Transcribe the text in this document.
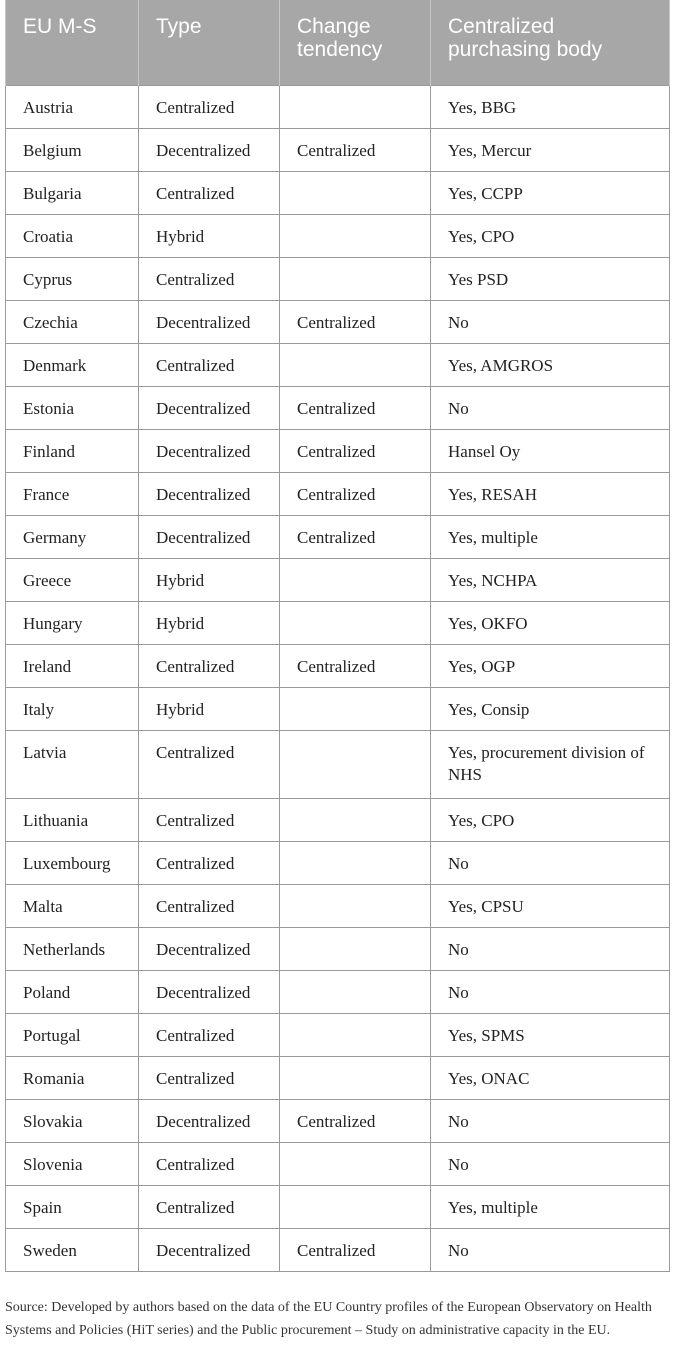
EU M-S	Type	Change tendency	Centralized purchasing body
Austria	Centralized		Yes, BBG
Belgium	Decentralized	Centralized	Yes, Mercur
Bulgaria	Centralized		Yes, CCPP
Croatia	Hybrid		Yes, CPO
Cyprus	Centralized		Yes PSD
Czechia	Decentralized	Centralized	No
Denmark	Centralized		Yes, AMGROS
Estonia	Decentralized	Centralized	No
Finland	Decentralized	Centralized	Hansel Oy
France	Decentralized	Centralized	Yes, RESAH
Germany	Decentralized	Centralized	Yes, multiple
Greece	Hybrid		Yes, NCHPA
Hungary	Hybrid		Yes, OKFO
Ireland	Centralized	Centralized	Yes, OGP
Italy	Hybrid		Yes, Consip
Latvia	Centralized		Yes, procurement division of NHS
Lithuania	Centralized		Yes, CPO
Luxembourg	Centralized		No
Malta	Centralized		Yes, CPSU
Netherlands	Decentralized		No
Poland	Decentralized		No
Portugal	Centralized		Yes, SPMS
Romania	Centralized		Yes, ONAC
Slovakia	Decentralized	Centralized	No
Slovenia	Centralized		No
Spain	Centralized		Yes, multiple
Sweden	Decentralized	Centralized	No
Source: Developed by authors based on the data of the EU Country profiles of the European Observatory on Health Systems and Policies (HiT series) and the Public procurement – Study on administrative capacity in the EU.
